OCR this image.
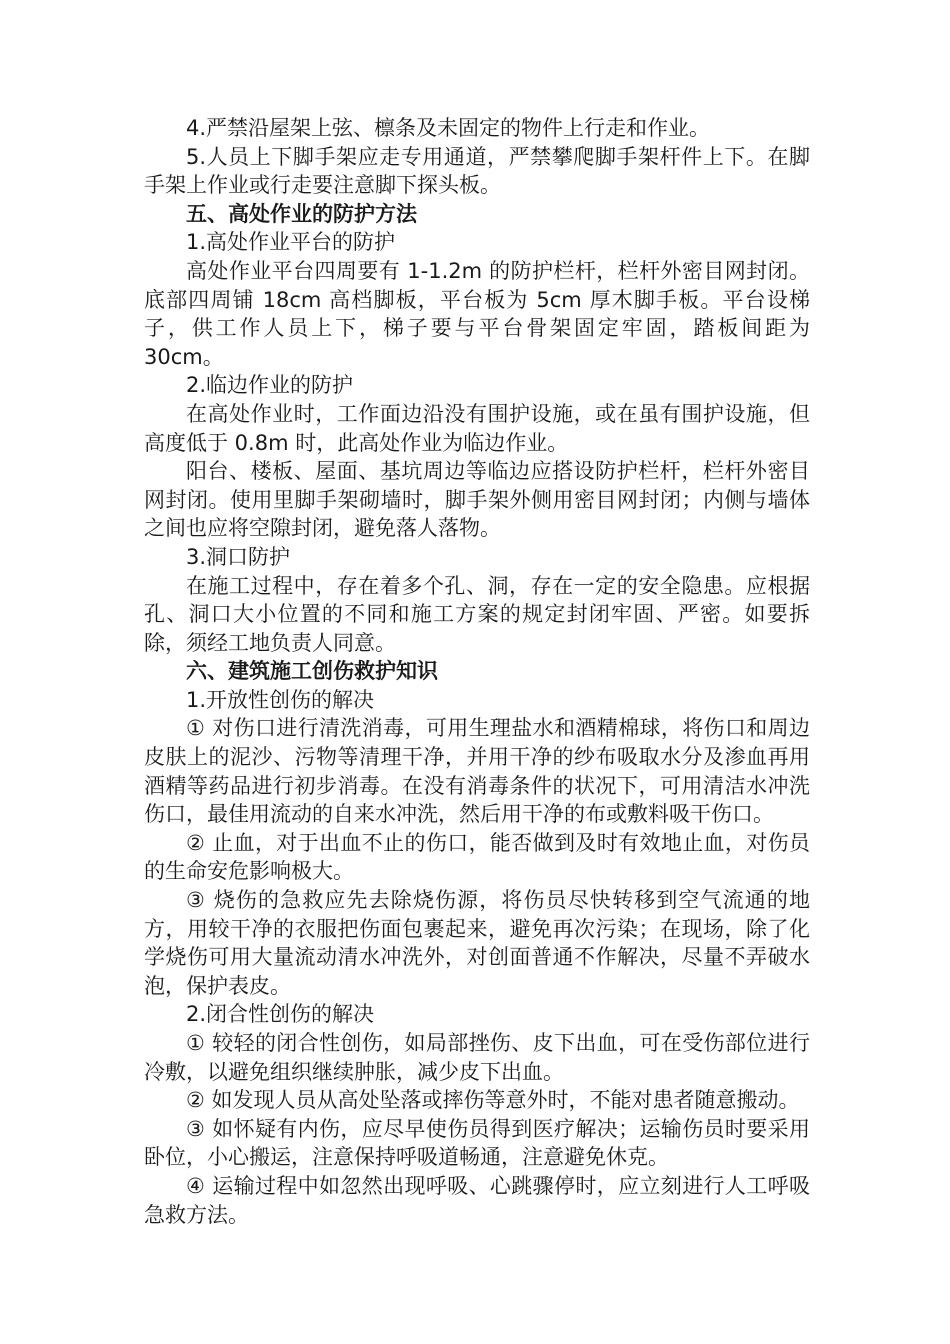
4.严禁沿屋架上弦、檩条及未固定的物件上行走和作业。

5.人员上下脚手架应走专用通道，严禁攀爬脚手架杆件上下。在脚手架上作业或行走要注意脚下探头板。

五、高处作业的防护方法

1.高处作业平台的防护

高处作业平台四周要有 1-1.2m 的防护栏杆，栏杆外密目网封闭。底部四周铺 18cm 高档脚板，平台板为 5cm 厚木脚手板。平台设梯子，供工作人员上下，梯子要与平台骨架固定牢固，踏板间距为 30cm。

2.临边作业的防护

在高处作业时，工作面边沿没有围护设施，或在虽有围护设施，但高度低于 0.8m 时，此高处作业为临边作业。

阳台、楼板、屋面、基坑周边等临边应搭设防护栏杆，栏杆外密目网封闭。使用里脚手架砌墙时，脚手架外侧用密目网封闭；内侧与墙体之间也应将空隙封闭，避免落人落物。

3.洞口防护

在施工过程中，存在着多个孔、洞，存在一定的安全隐患。应根据孔、洞口大小位置的不同和施工方案的规定封闭牢固、严密。如要拆除，须经工地负责人同意。

六、建筑施工创伤救护知识

1.开放性创伤的解决

① 对伤口进行清洗消毒，可用生理盐水和酒精棉球，将伤口和周边皮肤上的泥沙、污物等清理干净，并用干净的纱布吸取水分及渗血再用酒精等药品进行初步消毒。在没有消毒条件的状况下，可用清洁水冲洗伤口，最佳用流动的自来水冲洗，然后用干净的布或敷料吸干伤口。

② 止血，对于出血不止的伤口，能否做到及时有效地止血，对伤员的生命安危影响极大。

③ 烧伤的急救应先去除烧伤源，将伤员尽快转移到空气流通的地方，用较干净的衣服把伤面包裹起来，避免再次污染；在现场，除了化学烧伤可用大量流动清水冲洗外，对创面普通不作解决，尽量不弄破水泡，保护表皮。

2.闭合性创伤的解决

① 较轻的闭合性创伤，如局部挫伤、皮下出血，可在受伤部位进行冷敷，以避免组织继续肿胀，减少皮下出血。

② 如发现人员从高处坠落或摔伤等意外时，不能对患者随意搬动。

③ 如怀疑有内伤，应尽早使伤员得到医疗解决；运输伤员时要采用卧位，小心搬运，注意保持呼吸道畅通，注意避免休克。

④ 运输过程中如忽然出现呼吸、心跳骤停时，应立刻进行人工呼吸急救方法。
